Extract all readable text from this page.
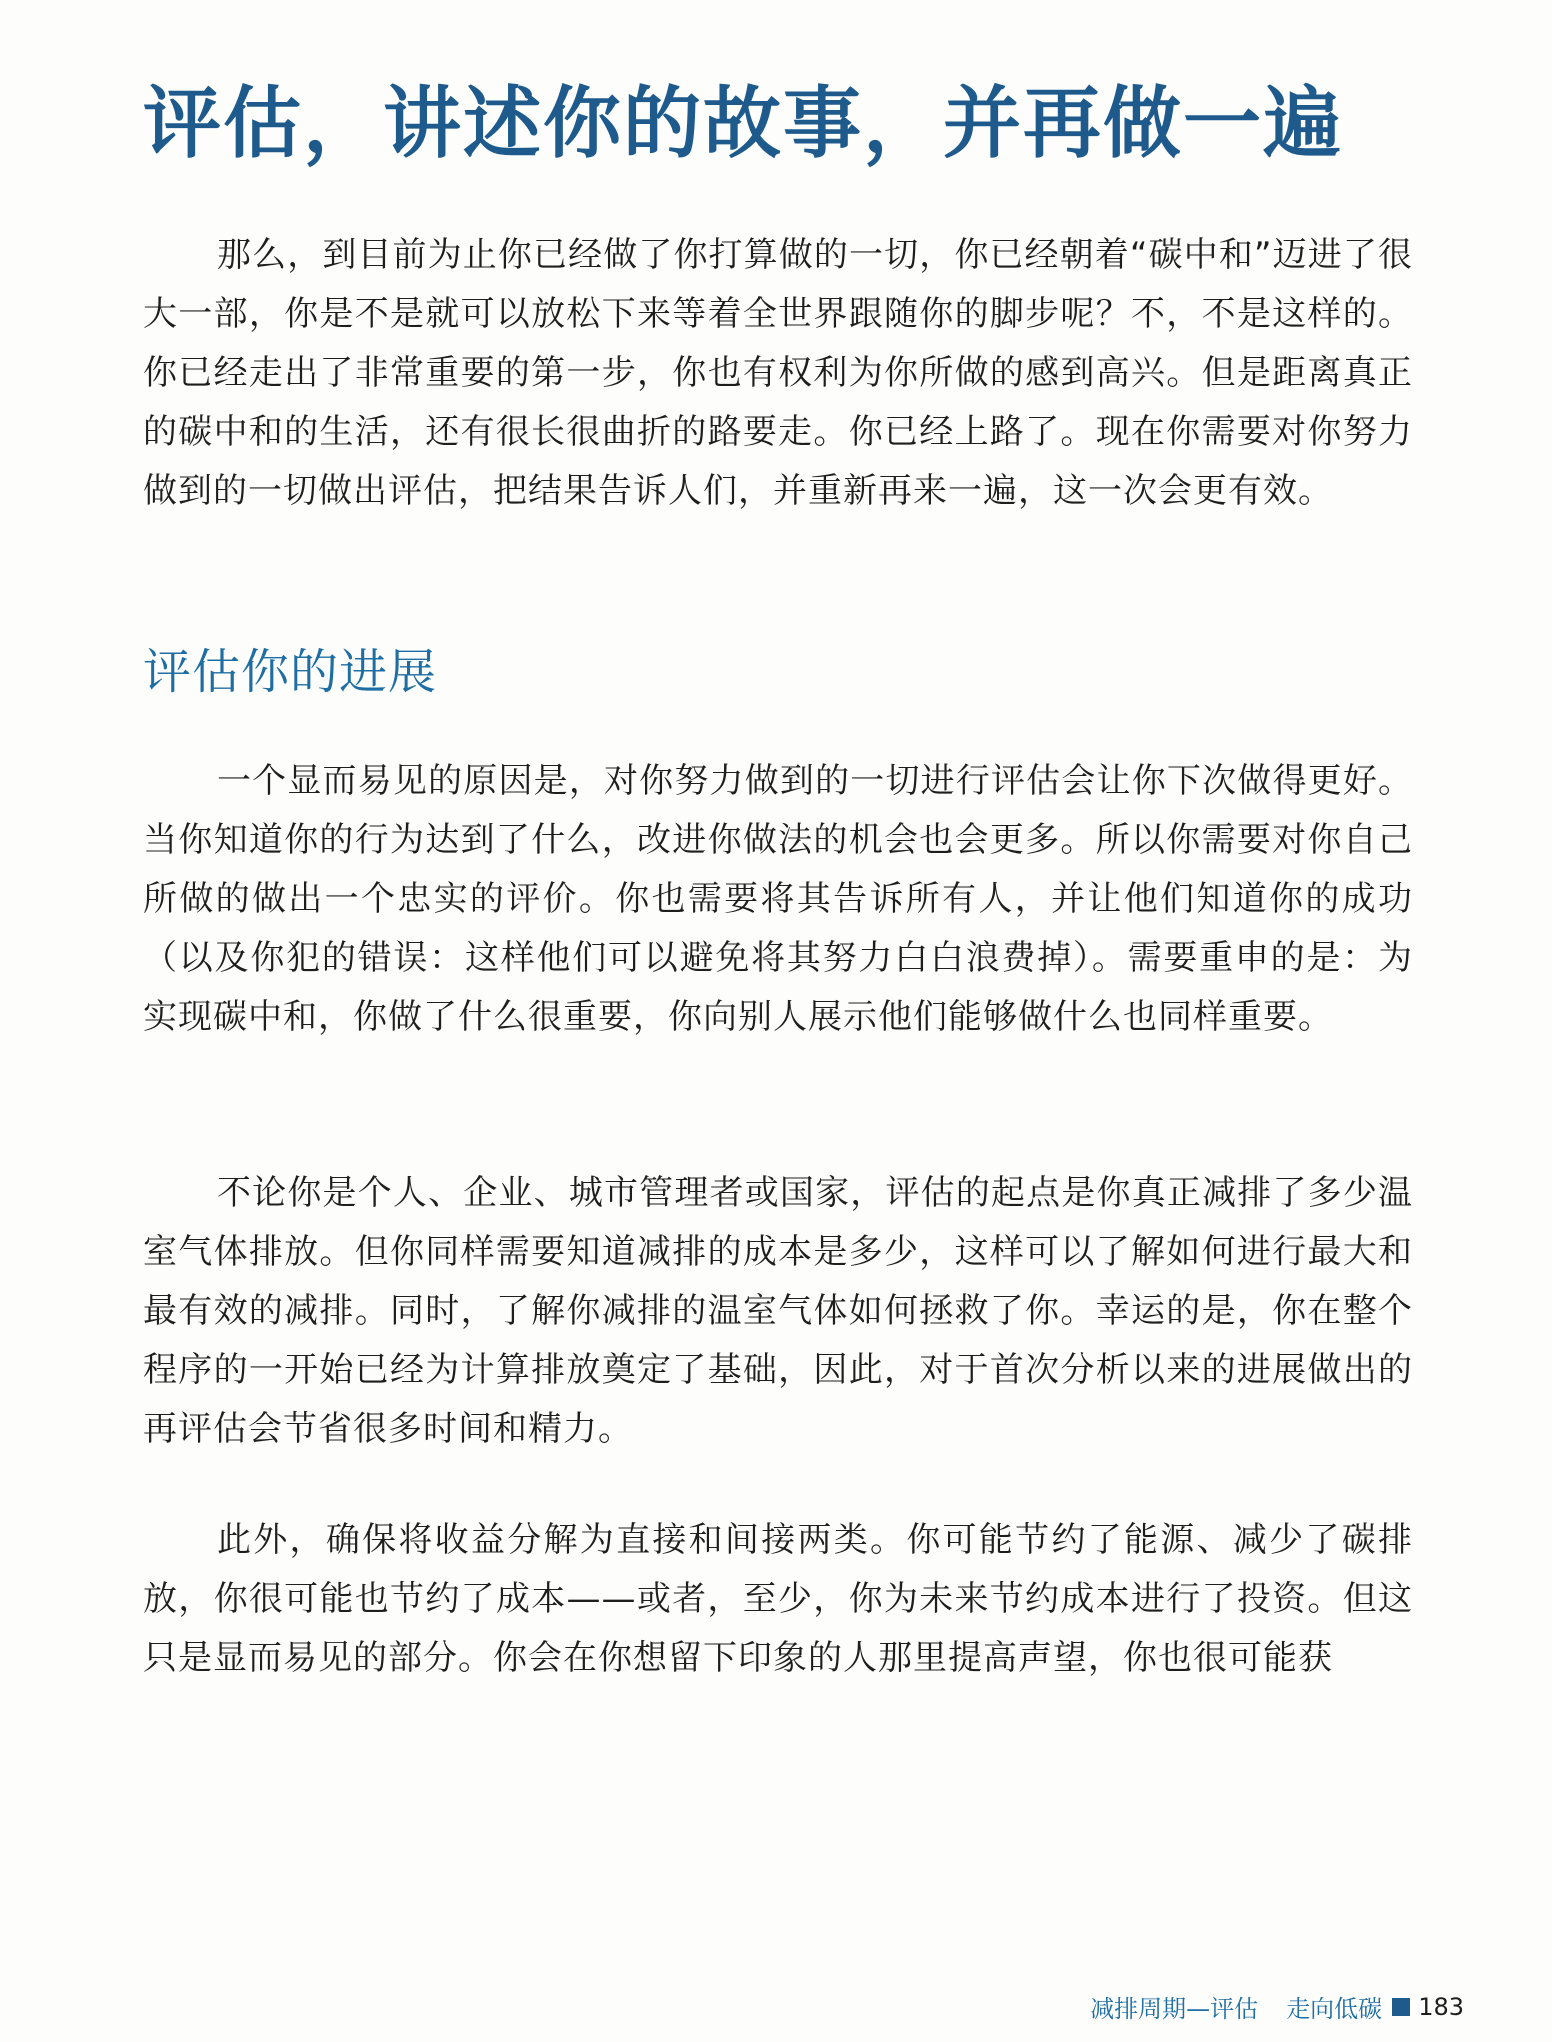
评估，讲述你的故事，并再做一遍

那么，到目前为止你已经做了你打算做的一切，你已经朝着“碳中和”迈进了很大一部，你是不是就可以放松下来等着全世界跟随你的脚步呢？不，不是这样的。你已经走出了非常重要的第一步，你也有权利为你所做的感到高兴。但是距离真正的碳中和的生活，还有很长很曲折的路要走。你已经上路了。现在你需要对你努力做到的一切做出评估，把结果告诉人们，并重新再来一遍，这一次会更有效。

评估你的进展

一个显而易见的原因是，对你努力做到的一切进行评估会让你下次做得更好。当你知道你的行为达到了什么，改进你做法的机会也会更多。所以你需要对你自己所做的做出一个忠实的评价。你也需要将其告诉所有人，并让他们知道你的成功（以及你犯的错误：这样他们可以避免将其努力白白浪费掉）。需要重申的是：为实现碳中和，你做了什么很重要，你向别人展示他们能够做什么也同样重要。

不论你是个人、企业、城市管理者或国家，评估的起点是你真正减排了多少温室气体排放。但你同样需要知道减排的成本是多少，这样可以了解如何进行最大和最有效的减排。同时，了解你减排的温室气体如何拯救了你。幸运的是，你在整个程序的一开始已经为计算排放奠定了基础，因此，对于首次分析以来的进展做出的再评估会节省很多时间和精力。

此外，确保将收益分解为直接和间接两类。你可能节约了能源、减少了碳排放，你很可能也节约了成本——或者，至少，你为未来节约成本进行了投资。但这只是显而易见的部分。你会在你想留下印象的人那里提高声望，你也很可能获

减排周期—评估 走向低碳 183
